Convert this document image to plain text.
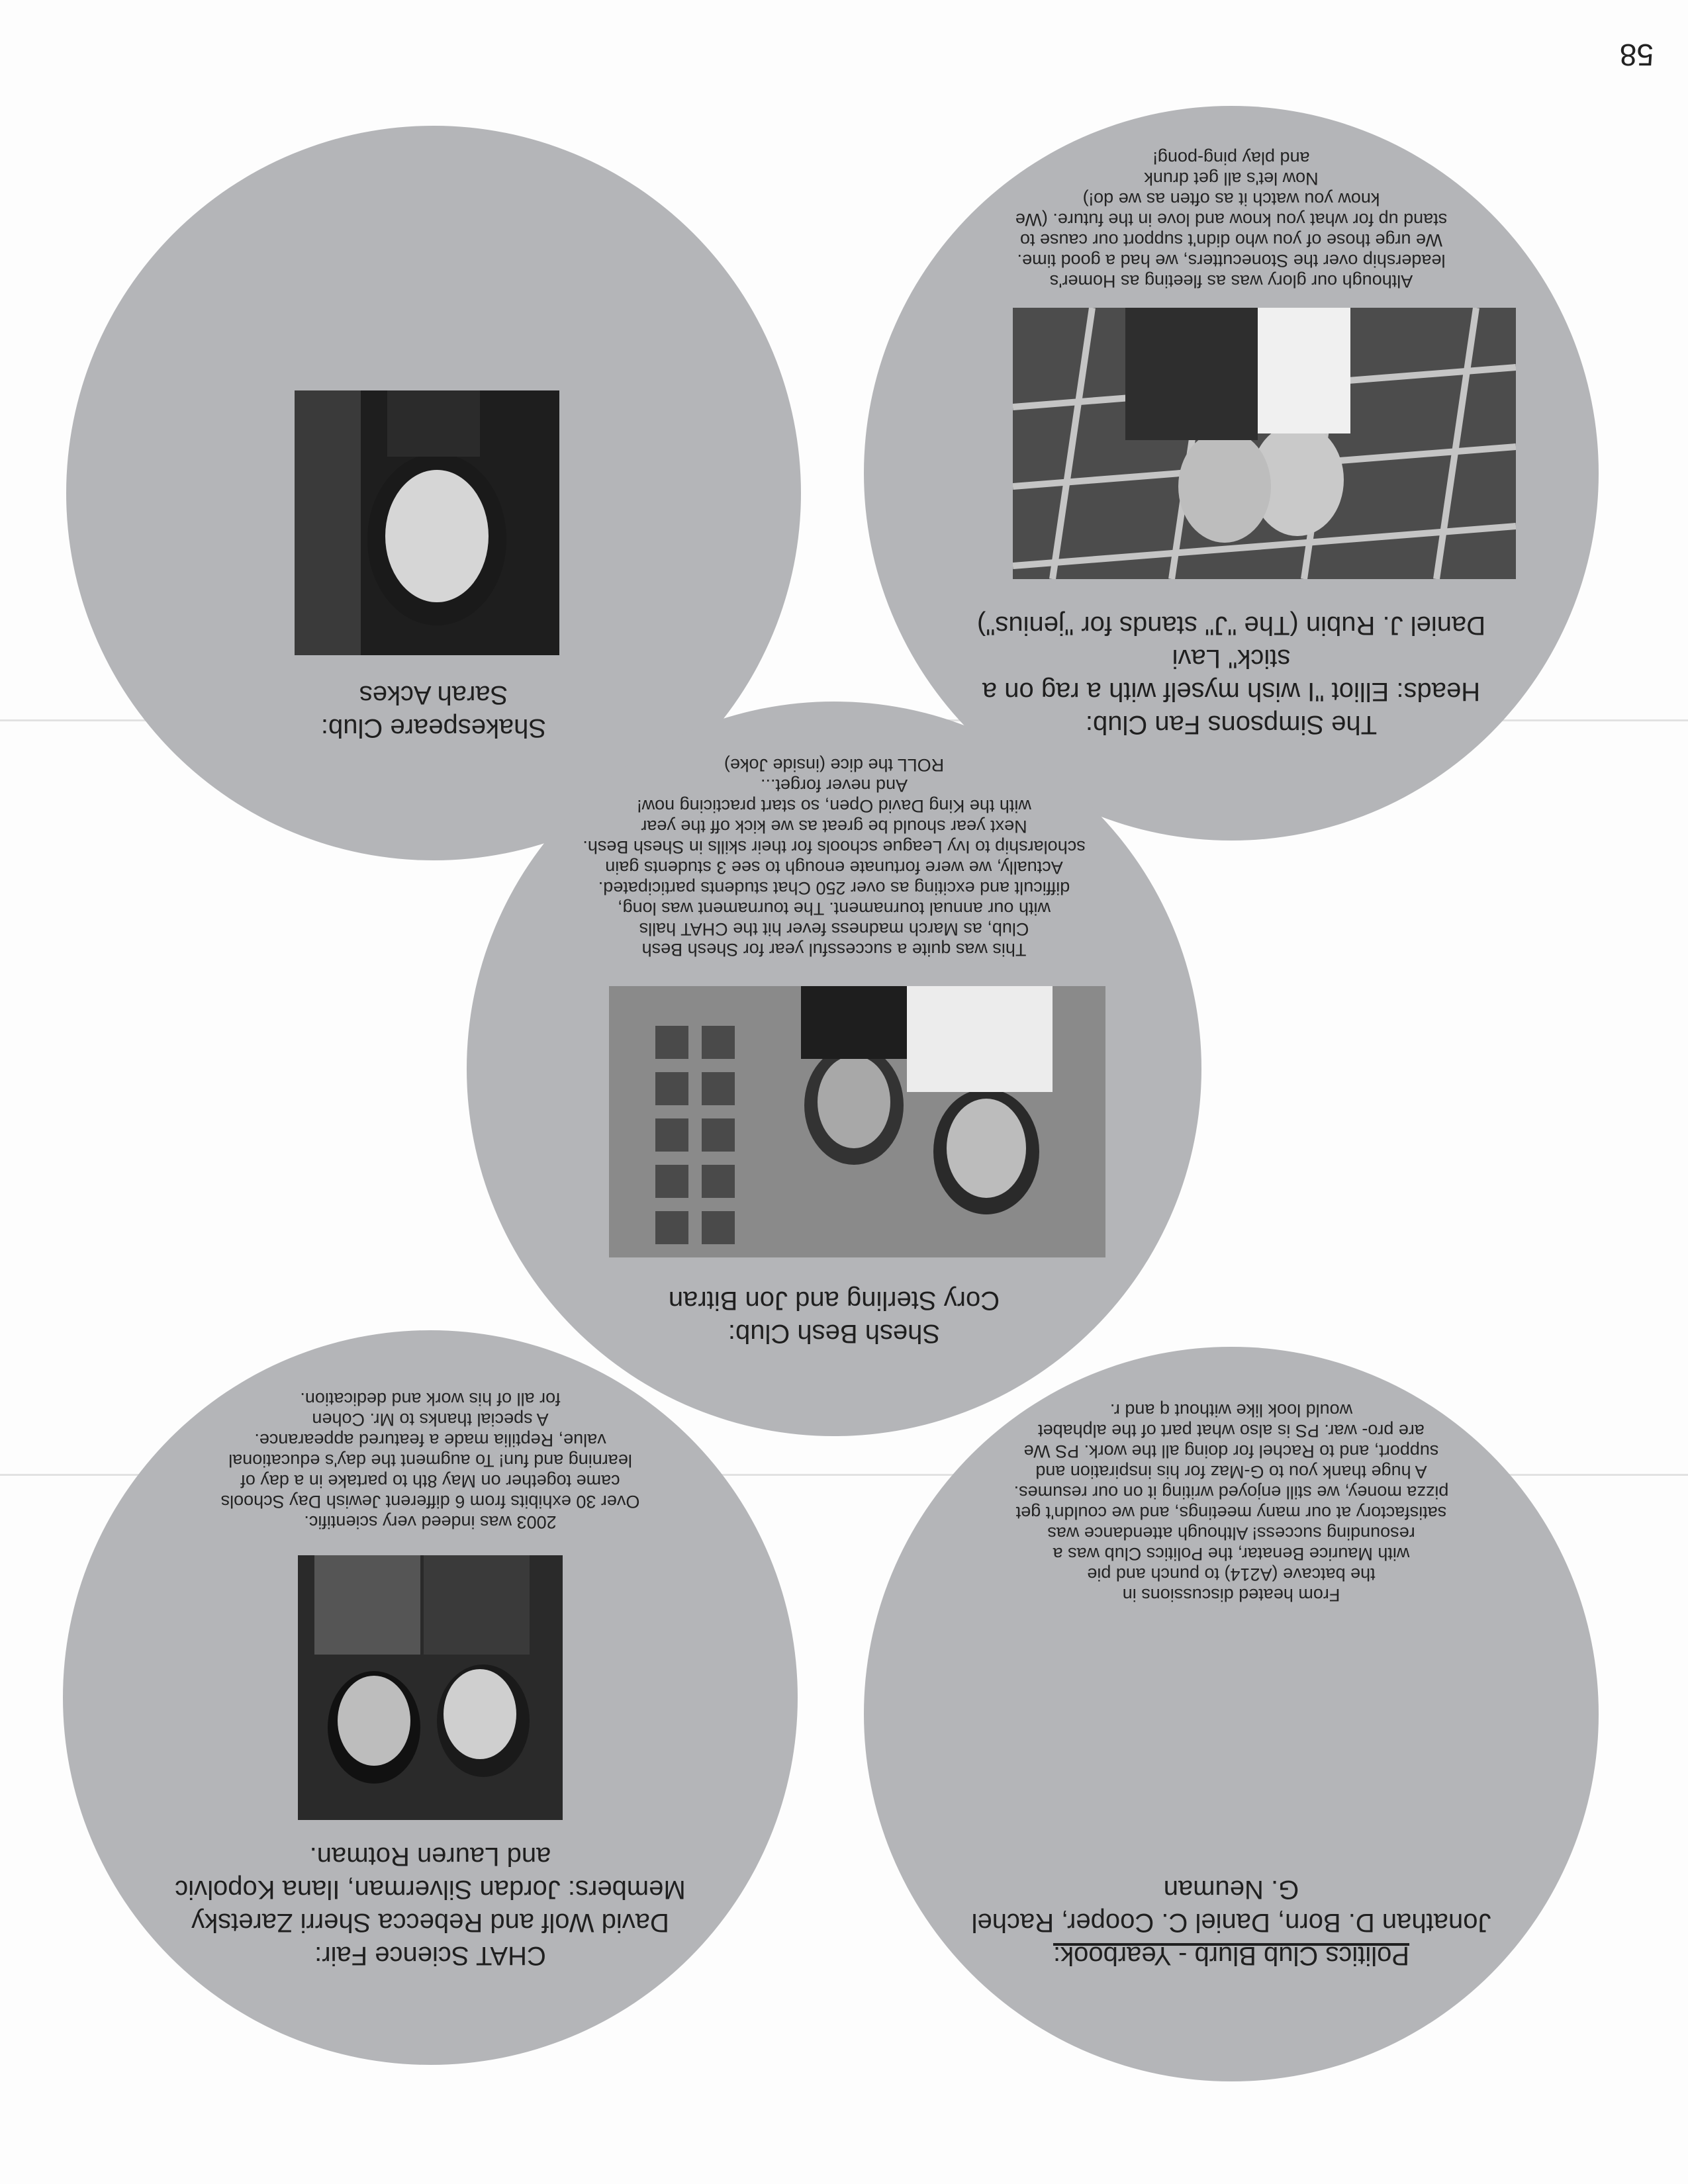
58
The Simpsons Fan Club:
Heads: Elliot "I wish myself with a rag on a
stick" Lavi
Daniel J. Rubin (The "J" stands for "jenius")
Although our glory was as fleeting as Homer's
leadership over the Stonecutters, we had a good time.
We urge those of you who didn't support our cause to
stand up for what you know and love in the future. (We
know you watch it as often as we do!)
Now let's all get drunk
and play ping-pong!
Shakespeare Club:
Sarah Ackes
Shesh Besh Club:
Cory Sterling and Jon Bitran
This was quite a successful year for Shesh Besh
Club, as March madness fever hit the CHAT halls
with our annual tournament. The tournament was long,
difficult and exciting as over 250 Chat students participated.
Actually, we were fortunate enough to see 3 students gain
scholarship to Ivy League schools for their skills in Shesh Besh.
Next year should be great as we kick off the year
with the King David Open, so start practicing now!
And never forget...
ROLL the dice (inside Joke)
Politics Club Blurb - Yearbook:
Jonathan D. Born, Daniel C. Cooper, Rachel
G. Neuman
From heated discussions in
the batcave (A214) to punch and pie
with Maurice Benatar, the Politics Club was a
resounding success! Although attendance was
satisfactory at our many meetings, and we couldn't get
pizza money, we still enjoyed writing it on our resumes.
A huge thank you to G-Maz for his inspiration and
support, and to Rachel for doing all the work. PS We
are pro- war. PS is also what part of the alphabet
would look like without q and r.
CHAT Science Fair:
David Wolf and Rebecca Sherri Zaretsky
Members: Jordan Silverman, Ilana Kopolvic
and Lauren Rotman.
2003 was indeed very scientific.
Over 30 exhibits from 6 different Jewish Day Schools
came together on May 8th to partake in a day of
learning and fun! To augment the day's educational
value, Reptilia made a featured appearance.
A special thanks to Mr. Cohen
for all of his work and dedication.
